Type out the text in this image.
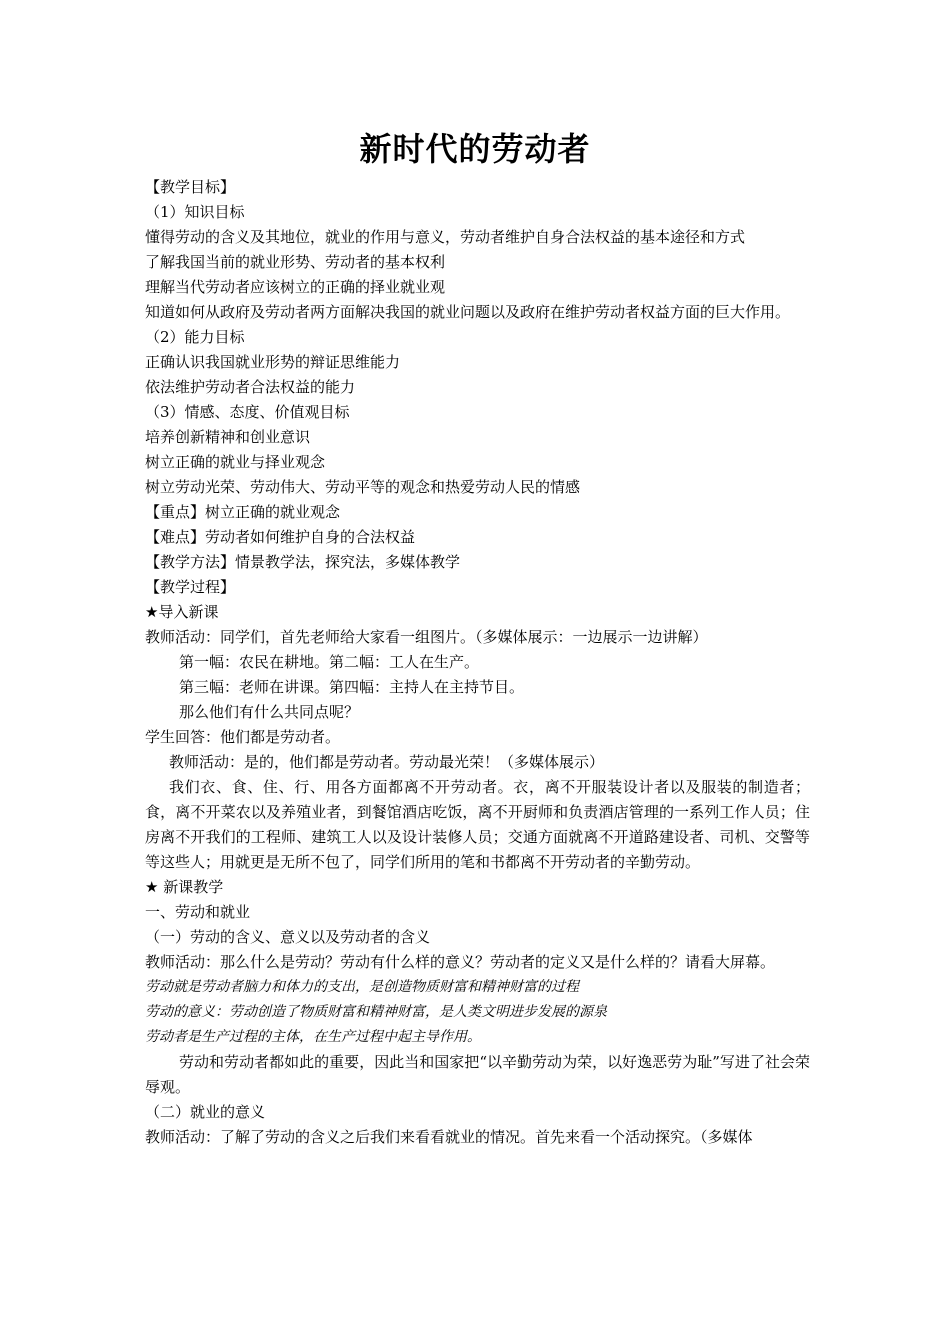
新时代的劳动者

【教学目标】

（1）知识目标

懂得劳动的含义及其地位，就业的作用与意义，劳动者维护自身合法权益的基本途径和方式

了解我国当前的就业形势、劳动者的基本权利

理解当代劳动者应该树立的正确的择业就业观

知道如何从政府及劳动者两方面解决我国的就业问题以及政府在维护劳动者权益方面的巨大作用。

（2）能力目标

正确认识我国就业形势的辩证思维能力

依法维护劳动者合法权益的能力

（3）情感、态度、价值观目标

培养创新精神和创业意识

树立正确的就业与择业观念

树立劳动光荣、劳动伟大、劳动平等的观念和热爱劳动人民的情感

【重点】树立正确的就业观念

【难点】劳动者如何维护自身的合法权益

【教学方法】情景教学法，探究法，多媒体教学

【教学过程】

★导入新课

教师活动：同学们，首先老师给大家看一组图片。（多媒体展示：一边展示一边讲解）

第一幅：农民在耕地。第二幅：工人在生产。

第三幅：老师在讲课。第四幅：主持人在主持节目。

那么他们有什么共同点呢？

学生回答：他们都是劳动者。

教师活动：是的，他们都是劳动者。劳动最光荣！（多媒体展示）

我们衣、食、住、行、用各方面都离不开劳动者。衣，离不开服装设计者以及服装的制造者；食，离不开菜农以及养殖业者，到餐馆酒店吃饭，离不开厨师和负责酒店管理的一系列工作人员；住房离不开我们的工程师、建筑工人以及设计装修人员；交通方面就离不开道路建设者、司机、交警等等这些人；用就更是无所不包了，同学们所用的笔和书都离不开劳动者的辛勤劳动。

★ 新课教学

一、劳动和就业

（一）劳动的含义、意义以及劳动者的含义

教师活动：那么什么是劳动？劳动有什么样的意义？劳动者的定义又是什么样的？请看大屏幕。

劳动就是劳动者脑力和体力的支出，是创造物质财富和精神财富的过程

劳动的意义：劳动创造了物质财富和精神财富，是人类文明进步发展的源泉

劳动者是生产过程的主体，在生产过程中起主导作用。

劳动和劳动者都如此的重要，因此当和国家把“以辛勤劳动为荣，以好逸恶劳为耻”写进了社会荣辱观。

（二）就业的意义

教师活动：了解了劳动的含义之后我们来看看就业的情况。首先来看一个活动探究。（多媒体
